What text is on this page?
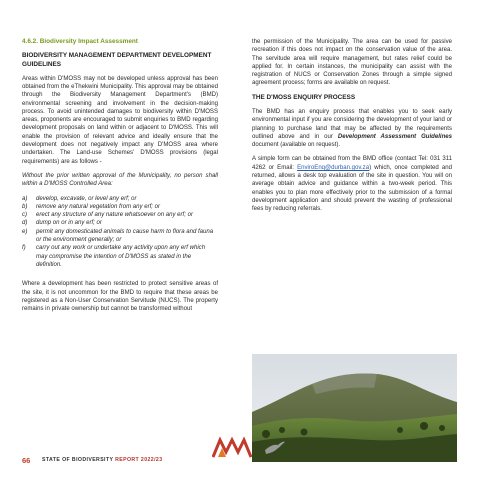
4.6.2. Biodiversity Impact Assessment
BIODIVERSITY MANAGEMENT DEPARTMENT DEVELOPMENT GUIDELINES

Areas within D'MOSS may not be developed unless approval has been obtained from the eThekwini Municipality. This approval may be obtained through the Biodiversity Management Department's (BMD) environmental screening and involvement in the decision-making process. To avoid unintended damages to biodiversity within D'MOSS areas, proponents are encouraged to submit enquiries to BMD regarding development proposals on land within or adjacent to D'MOSS. This will enable the provision of relevant advice and ideally ensure that the development does not negatively impact any D'MOSS area where undertaken. The Land-use Schemes' D'MOSS provisions (legal requirements) are as follows -

Without the prior written approval of the Municipality, no person shall within a D'MOSS Controlled Area:

a) develop, excavate, or level any erf; or
b) remove any natural vegetation from any erf; or
c) erect any structure of any nature whatsoever on any erf; or
d) dump on or in any erf; or
e) permit any domesticated animals to cause harm to flora and fauna or the environment generally; or
f) carry out any work or undertake any activity upon any erf which may compromise the intention of D'MOSS as stated in the definition.

Where a development has been restricted to protect sensitive areas of the site, it is not uncommon for the BMD to require that these areas be registered as a Non-User Conservation Servitude (NUCS). The property remains in private ownership but cannot be transformed without

the permission of the Municipality. The area can be used for passive recreation if this does not impact on the conservation value of the area. The servitude area will require management, but rates relief could be applied for. In certain instances, the municipality can assist with the registration of NUCS or Conservation Zones through a simple signed agreement process; forms are available on request.

THE D'MOSS ENQUIRY PROCESS

The BMD has an enquiry process that enables you to seek early environmental input if you are considering the development of your land or planning to purchase land that may be affected by the requirements outlined above and in our Development Assessment Guidelines document (available on request).

A simple form can be obtained from the BMD office (contact Tel: 031 311 4262 or Email: EnviroEnq@durban.gov.za) which, once completed and returned, allows a desk top evaluation of the site in question. You will on average obtain advice and guidance within a two-week period. This enables you to plan more effectively prior to the submission of a formal development application and should prevent the wasting of professional fees by reducing referrals.

66 STATE OF BIODIVERSITY REPORT 2022/23
